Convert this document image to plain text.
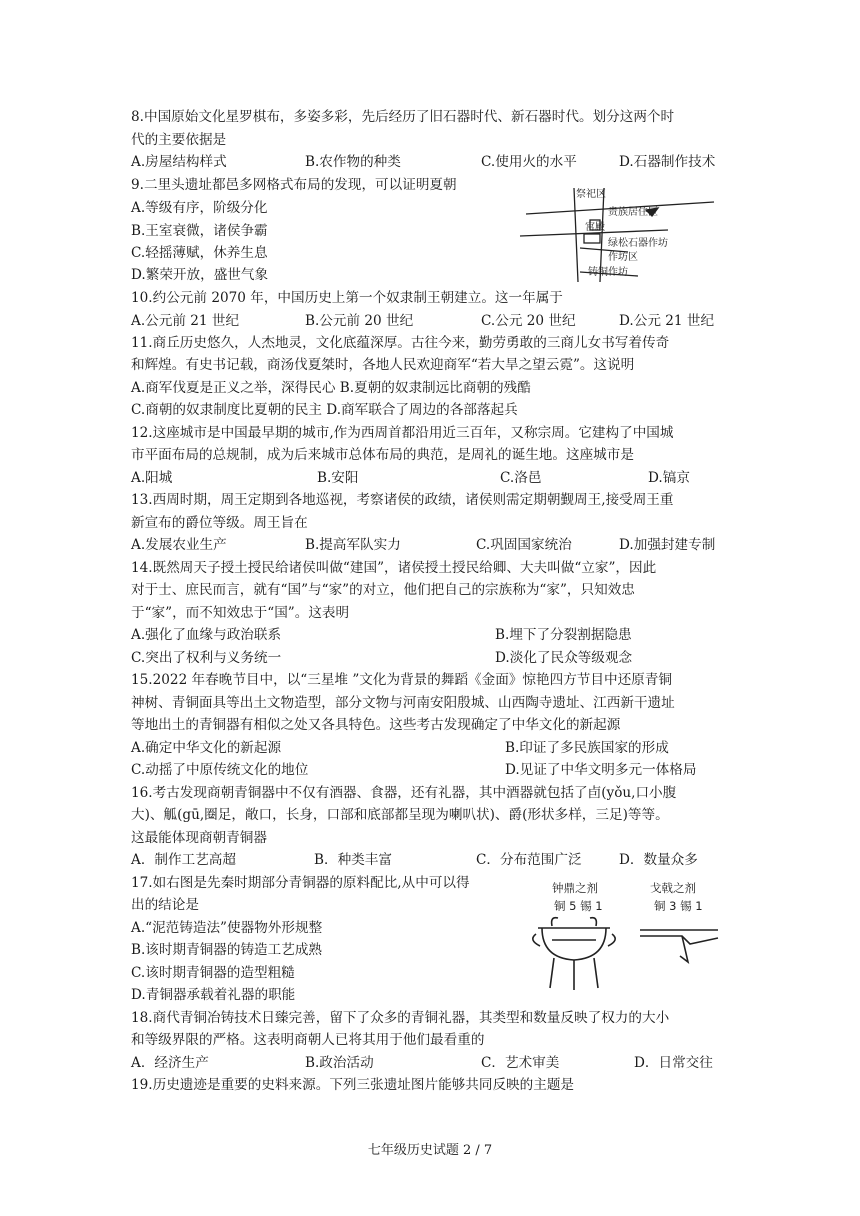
8.中国原始文化星罗棋布，多姿多彩，先后经历了旧石器时代、新石器时代。划分这两个时
代的主要依据是
A.房屋结构样式	B.农作物的种类	C.使用火的水平	D.石器制作技术
9.二里头遗址都邑多网格式布局的发现，可以证明夏朝
A.等级有序，阶级分化
B.王室衰微，诸侯争霸
C.轻摇薄赋，休养生息
D.繁荣开放，盛世气象
祭祀区
贵族居住区
宫殿
绿松石器作坊
作坊区
铸铜作坊
10.约公元前 2070 年，中国历史上第一个奴隶制王朝建立。这一年属于
A.公元前 21 世纪	B.公元前 20 世纪	C.公元 20 世纪	D.公元 21 世纪
11.商丘历史悠久，人杰地灵，文化底蕴深厚。古往今来，勤劳勇敢的三商儿女书写着传奇
和辉煌。有史书记载，商汤伐夏桀时，各地人民欢迎商军“若大旱之望云霓”。这说明
A.商军伐夏是正义之举，深得民心 B.夏朝的奴隶制远比商朝的残酷
C.商朝的奴隶制度比夏朝的民主 D.商军联合了周边的各部落起兵
12.这座城市是中国最早期的城市,作为西周首都沿用近三百年，又称宗周。它建构了中国城
市平面布局的总规制，成为后来城市总体布局的典范，是周礼的诞生地。这座城市是
A.阳城	B.安阳	C.洛邑	D.镐京
13.西周时期，周王定期到各地巡视，考察诸侯的政绩，诸侯则需定期朝觐周王,接受周王重
新宣布的爵位等级。周王旨在
A.发展农业生产	B.提高军队实力	C.巩固国家统治	D.加强封建专制
14.既然周天子授土授民给诸侯叫做“建国”，诸侯授土授民给卿、大夫叫做“立家”，因此
对于士、庶民而言，就有“国”与“家”的对立，他们把自己的宗族称为“家”，只知效忠
于“家”，而不知效忠于“国”。这表明
A.强化了血缘与政治联系	B.埋下了分裂割据隐患
C.突出了权利与义务统一	D.淡化了民众等级观念
15.2022 年春晚节目中，以“三星堆 ”文化为背景的舞蹈《金面》惊艳四方节目中还原青铜
神树、青铜面具等出土文物造型，部分文物与河南安阳殷城、山西陶寺遗址、江西新干遗址
等地出土的青铜器有相似之处又各具特色。这些考古发现确定了中华文化的新起源
A.确定中华文化的新起源	B.印证了多民族国家的形成
C.动摇了中原传统文化的地位	D.见证了中华文明多元一体格局
16.考古发现商朝青铜器中不仅有酒器、食器，还有礼器，其中酒器就包括了卣(yǒu,口小腹
大)、觚(gū,圈足，敞口，长身，口部和底部都呈现为喇叭状)、爵(形状多样，三足)等等。
这最能体现商朝青铜器
A．制作工艺高超	B．种类丰富	C．分布范围广泛	D．数量众多
17.如右图是先秦时期部分青铜器的原料配比,从中可以得
出的结论是
A.“泥范铸造法”使器物外形规整
B.该时期青铜器的铸造工艺成熟
C.该时期青铜器的造型粗糙
D.青铜器承载着礼器的职能
钟鼎之剂
铜 5 锡 1
戈戟之剂
铜 3 锡 1
18.商代青铜冶铸技术日臻完善，留下了众多的青铜礼器，其类型和数量反映了权力的大小
和等级界限的严格。这表明商朝人已将其用于他们最看重的
A．经济生产	B.政治活动	C．艺术审美	D．日常交往
19.历史遗迹是重要的史料来源。下列三张遗址图片能够共同反映的主题是
七年级历史试题 2 / 7
